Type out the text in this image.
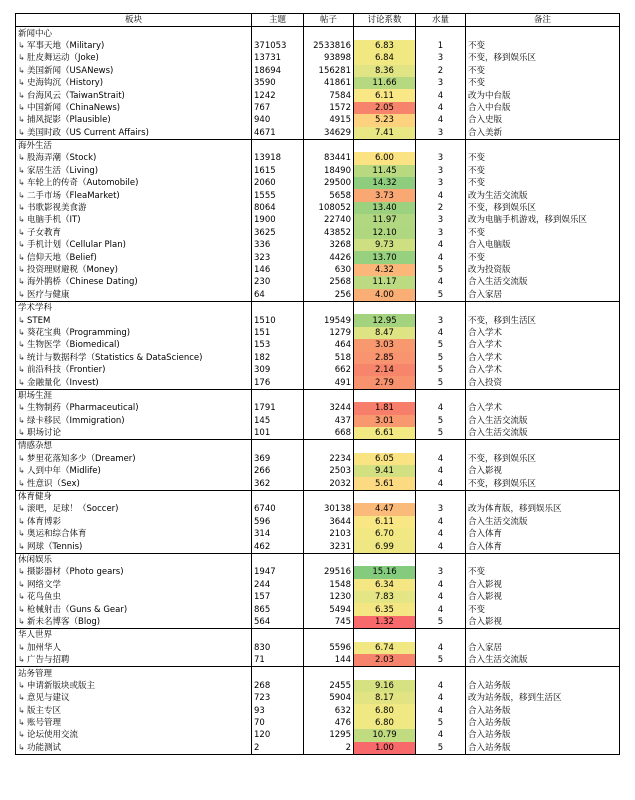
板块	主题	帖子	讨论系数	水量	备注
新闻中心					
↳ 军事天地（Military)	371053	2533816	6.83	1	不变
↳ 肚皮舞运动（Joke)	13731	93898	6.84	3	不变，移到娱乐区
↳ 美国新闻（USANews)	18694	156281	8.36	2	不变
↳ 史海钩沉（History)	3590	41861	11.66	3	不变
↳ 台海风云（TaiwanStrait)	1242	7584	6.11	4	改为中台版
↳ 中国新闻（ChinaNews)	767	1572	2.05	4	合入中台版
↳ 捕风捉影（Plausible)	940	4915	5.23	4	合入史版
↳ 美国时政（US Current Affairs)	4671	34629	7.41	3	合入美新
海外生活					
↳ 股海弄潮（Stock)	13918	83441	6.00	3	不变
↳ 家居生活（Living)	1615	18490	11.45	3	不变
↳ 车轮上的传奇（Automobile)	2060	29500	14.32	3	不变
↳ 二手市场（FleaMarket)	1555	5658	3.73	4	改为生活交流版
↳ 书歌影视美食游	8064	108052	13.40	2	不变，移到娱乐区
↳ 电脑手机（IT)	1900	22740	11.97	3	改为电脑手机游戏，移到娱乐区
↳ 子女教育	3625	43852	12.10	3	不变
↳ 手机计划（Cellular Plan)	336	3268	9.73	4	合入电脑版
↳ 信仰天地（Belief)	323	4426	13.70	4	不变
↳ 投资理财避税（Money)	146	630	4.32	5	改为投资版
↳ 海外鹊桥（Chinese Dating)	230	2568	11.17	4	合入生活交流版
↳ 医疗与健康	64	256	4.00	5	合入家居
学术学科					
↳ STEM	1510	19549	12.95	3	不变，移到生活区
↳ 葵花宝典（Programming)	151	1279	8.47	4	合入学术
↳ 生物医学（Biomedical)	153	464	3.03	5	合入学术
↳ 统计与数据科学（Statistics & DataScience)	182	518	2.85	5	合入学术
↳ 前沿科技（Frontier)	309	662	2.14	5	合入学术
↳ 金融量化（Invest)	176	491	2.79	5	合入投资
职场生涯					
↳ 生物制药（Pharmaceutical)	1791	3244	1.81	4	合入学术
↳ 绿卡移民（Immigration)	145	437	3.01	5	合入生活交流版
↳ 职场讨论	101	668	6.61	5	合入生活交流版
情感杂想					
↳ 梦里花落知多少（Dreamer)	369	2234	6.05	4	不变，移到娱乐区
↳ 人到中年（Midlife)	266	2503	9.41	4	合入影视
↳ 性意识（Sex)	362	2032	5.61	4	不变，移到娱乐区
体育健身					
↳ 滚吧，足球！（Soccer)	6740	30138	4.47	3	改为体育版，移到娱乐区
↳ 体育博彩	596	3644	6.11	4	合入生活交流版
↳ 奥运和综合体育	314	2103	6.70	4	合入体育
↳ 网球（Tennis)	462	3231	6.99	4	合入体育
休闲娱乐					
↳ 摄影器材（Photo gears)	1947	29516	15.16	3	不变
↳ 网络文学	244	1548	6.34	4	合入影视
↳ 花鸟鱼虫	157	1230	7.83	4	合入影视
↳ 枪械射击（Guns & Gear)	865	5494	6.35	4	不变
↳ 新未名博客（Blog)	564	745	1.32	5	合入影视
华人世界					
↳ 加州华人	830	5596	6.74	4	合入家居
↳ 广告与招聘	71	144	2.03	5	合入生活交流版
站务管理					
↳ 申请新版块或版主	268	2455	9.16	4	合入站务版
↳ 意见与建议	723	5904	8.17	4	改为站务版，移到生活区
↳ 版主专区	93	632	6.80	4	合入站务版
↳ 账号管理	70	476	6.80	5	合入站务版
↳ 论坛使用交流	120	1295	10.79	4	合入站务版
↳ 功能测试	2	2	1.00	5	合入站务版
